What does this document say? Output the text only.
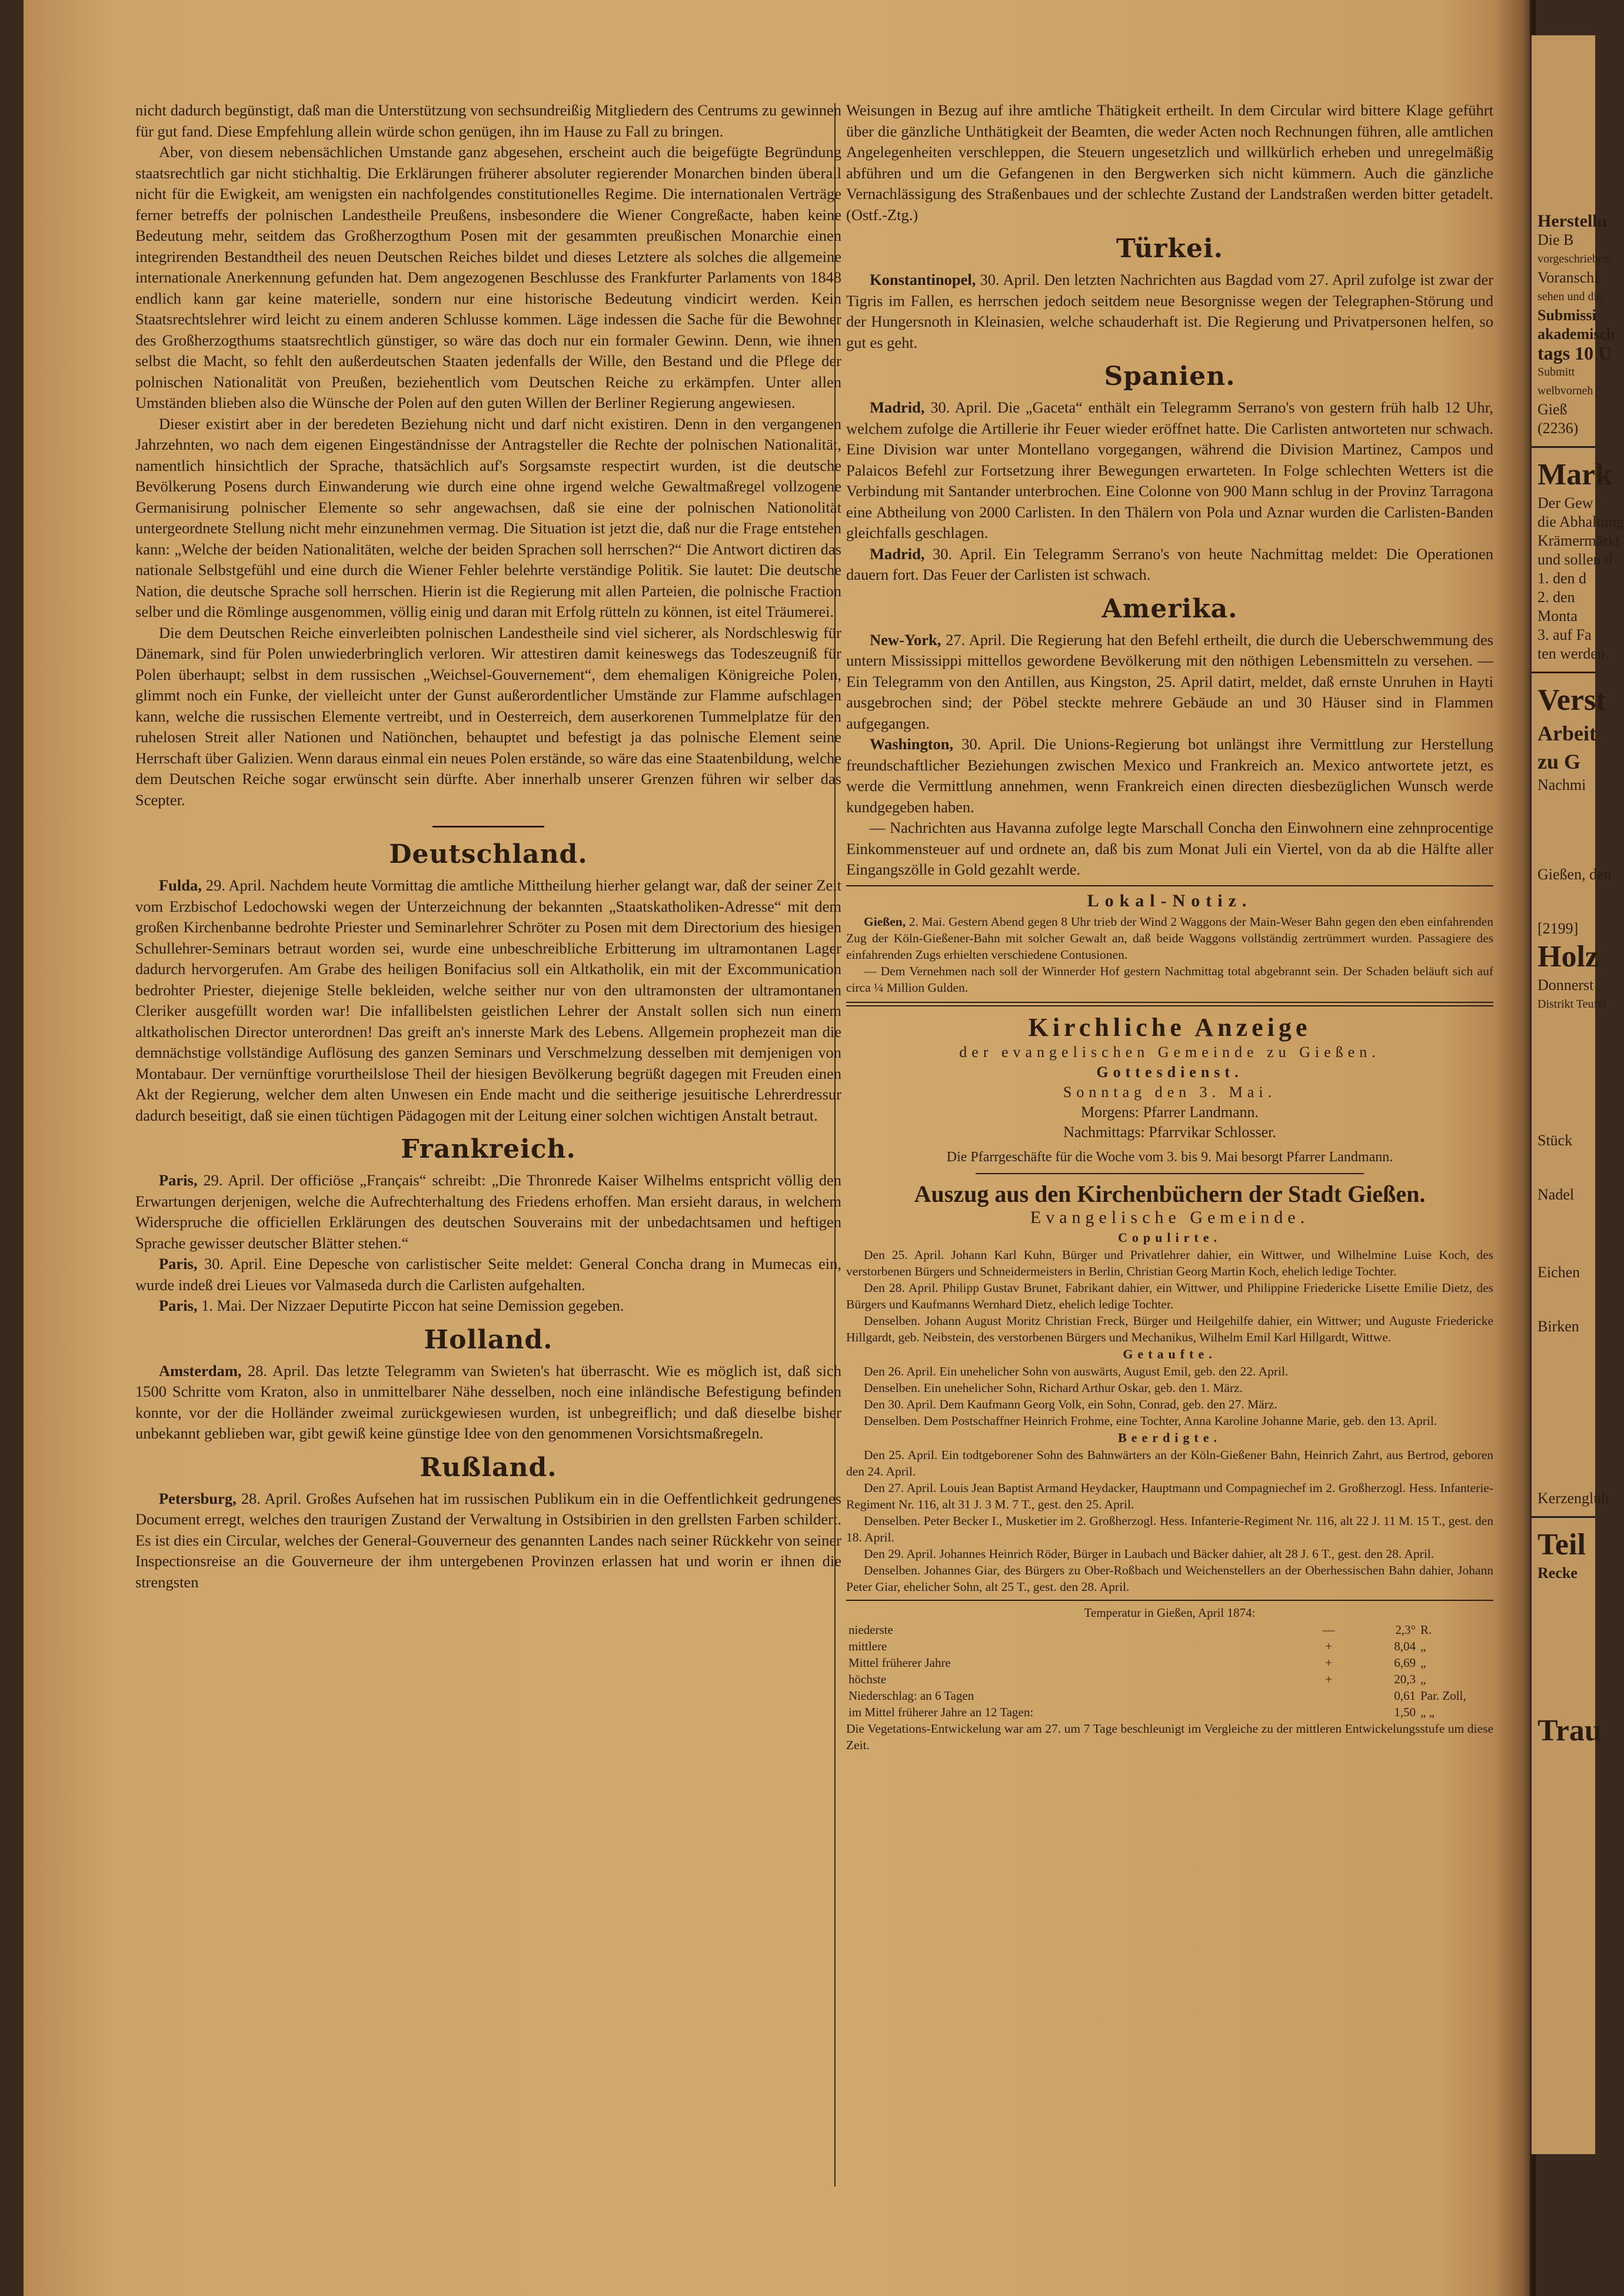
nicht dadurch begünstigt, daß man die Unterstützung von sechsundreißig Mitgliedern des Centrums zu gewinnen für gut fand. Diese Empfehlung allein würde schon genügen, ihn im Hause zu Fall zu bringen.

Aber, von diesem nebensächlichen Umstande ganz abgesehen, erscheint auch die beigefügte Begründung staatsrechtlich gar nicht stichhaltig. Die Erklärungen früherer absoluter regierender Monarchen binden überall nicht für die Ewigkeit, am wenigsten ein nachfolgendes constitutionelles Regime. Die internationalen Verträge ferner betreffs der polnischen Landestheile Preußens, insbesondere die Wiener Congreßacte, haben keine Bedeutung mehr, seitdem das Großherzogthum Posen mit der gesammten preußischen Monarchie einen integrirenden Bestandtheil des neuen Deutschen Reiches bildet und dieses Letztere als solches die allgemeine internationale Anerkennung gefunden hat. Dem angezogenen Beschlusse des Frankfurter Parlaments von 1848 endlich kann gar keine materielle, sondern nur eine historische Bedeutung vindicirt werden. Kein Staatsrechtslehrer wird leicht zu einem anderen Schlusse kommen. Läge indessen die Sache für die Bewohner des Großherzogthums staatsrechtlich günstiger, so wäre das doch nur ein formaler Gewinn. Denn, wie ihnen selbst die Macht, so fehlt den außerdeutschen Staaten jedenfalls der Wille, den Bestand und die Pflege der polnischen Nationalität von Preußen, beziehentlich vom Deutschen Reiche zu erkämpfen. Unter allen Umständen blieben also die Wünsche der Polen auf den guten Willen der Berliner Regierung angewiesen.

Dieser existirt aber in der beredeten Beziehung nicht und darf nicht existiren. Denn in den vergangenen Jahrzehnten, wo nach dem eigenen Eingeständnisse der Antragsteller die Rechte der polnischen Nationalität, namentlich hinsichtlich der Sprache, thatsächlich auf's Sorgsamste respectirt wurden, ist die deutsche Bevölkerung Posens durch Einwanderung wie durch eine ohne irgend welche Gewaltmaßregel vollzogene Germanisirung polnischer Elemente so sehr angewachsen, daß sie eine der polnischen Nationolität untergeordnete Stellung nicht mehr einzunehmen vermag. Die Situation ist jetzt die, daß nur die Frage entstehen kann: „Welche der beiden Nationalitäten, welche der beiden Sprachen soll herrschen?“ Die Antwort dictiren das nationale Selbstgefühl und eine durch die Wiener Fehler belehrte verständige Politik. Sie lautet: Die deutsche Nation, die deutsche Sprache soll herrschen. Hierin ist die Regierung mit allen Parteien, die polnische Fraction selber und die Römlinge ausgenommen, völlig einig und daran mit Erfolg rütteln zu können, ist eitel Träumerei.

Die dem Deutschen Reiche einverleibten polnischen Landestheile sind viel sicherer, als Nordschleswig für Dänemark, sind für Polen unwiederbringlich verloren. Wir attestiren damit keineswegs das Todeszeugniß für Polen überhaupt; selbst in dem russischen „Weichsel-Gouvernement“, dem ehemaligen Königreiche Polen, glimmt noch ein Funke, der vielleicht unter der Gunst außerordentlicher Umstände zur Flamme aufschlagen kann, welche die russischen Elemente vertreibt, und in Oesterreich, dem auserkorenen Tummelplatze für den ruhelosen Streit aller Nationen und Natiönchen, behauptet und befestigt ja das polnische Element seine Herrschaft über Galizien. Wenn daraus einmal ein neues Polen erstände, so wäre das eine Staatenbildung, welche dem Deutschen Reiche sogar erwünscht sein dürfte. Aber innerhalb unserer Grenzen führen wir selber das Scepter.

Deutschland.

Fulda, 29. April. Nachdem heute Vormittag die amtliche Mittheilung hierher gelangt war, daß der seiner Zeit vom Erzbischof Ledochowski wegen der Unterzeichnung der bekannten „Staatskatholiken-Adresse“ mit dem großen Kirchenbanne bedrohte Priester und Seminarlehrer Schröter zu Posen mit dem Directorium des hiesigen Schullehrer-Seminars betraut worden sei, wurde eine unbeschreibliche Erbitterung im ultramontanen Lager dadurch hervorgerufen. Am Grabe des heiligen Bonifacius soll ein Altkatholik, ein mit der Excommunication bedrohter Priester, diejenige Stelle bekleiden, welche seither nur von den ultramonsten der ultramontanen Cleriker ausgefüllt worden war! Die infallibelsten geistlichen Lehrer der Anstalt sollen sich nun einem altkatholischen Director unterordnen! Das greift an's innerste Mark des Lebens. Allgemein prophezeit man die demnächstige vollständige Auflösung des ganzen Seminars und Verschmelzung desselben mit demjenigen von Montabaur. Der vernünftige vorurtheilslose Theil der hiesigen Bevölkerung begrüßt dagegen mit Freuden einen Akt der Regierung, welcher dem alten Unwesen ein Ende macht und die seitherige jesuitische Lehrerdressur dadurch beseitigt, daß sie einen tüchtigen Pädagogen mit der Leitung einer solchen wichtigen Anstalt betraut.

Frankreich.

Paris, 29. April. Der officiöse „Français“ schreibt: „Die Thronrede Kaiser Wilhelms entspricht völlig den Erwartungen derjenigen, welche die Aufrechterhaltung des Friedens erhoffen. Man ersieht daraus, in welchem Widerspruche die officiellen Erklärungen des deutschen Souverains mit der unbedachtsamen und heftigen Sprache gewisser deutscher Blätter stehen.“

Paris, 30. April. Eine Depesche von carlistischer Seite meldet: General Concha drang in Mumecas ein, wurde indeß drei Lieues vor Valmaseda durch die Carlisten aufgehalten.

Paris, 1. Mai. Der Nizzaer Deputirte Piccon hat seine Demission gegeben.

Holland.

Amsterdam, 28. April. Das letzte Telegramm van Swieten's hat überrascht. Wie es möglich ist, daß sich 1500 Schritte vom Kraton, also in unmittelbarer Nähe desselben, noch eine inländische Befestigung befinden konnte, vor der die Holländer zweimal zurückgewiesen wurden, ist unbegreiflich; und daß dieselbe bisher unbekannt geblieben war, gibt gewiß keine günstige Idee von den genommenen Vorsichtsmaßregeln.

Rußland.

Petersburg, 28. April. Großes Aufsehen hat im russischen Publikum ein in die Oeffentlichkeit gedrungenes Document erregt, welches den traurigen Zustand der Verwaltung in Ostsibirien in den grellsten Farben schildert. Es ist dies ein Circular, welches der General-Gouverneur des genannten Landes nach seiner Rückkehr von seiner Inspectionsreise an die Gouverneure der ihm untergebenen Provinzen erlassen hat und worin er ihnen die strengsten

Weisungen in Bezug auf ihre amtliche Thätigkeit ertheilt. In dem Circular wird bittere Klage geführt über die gänzliche Unthätigkeit der Beamten, die weder Acten noch Rechnungen führen, alle amtlichen Angelegenheiten verschleppen, die Steuern ungesetzlich und willkürlich erheben und unregelmäßig abführen und um die Gefangenen in den Bergwerken sich nicht kümmern. Auch die gänzliche Vernachlässigung des Straßenbaues und der schlechte Zustand der Landstraßen werden bitter getadelt. (Ostf.-Ztg.)

Türkei.

Konstantinopel, 30. April. Den letzten Nachrichten aus Bagdad vom 27. April zufolge ist zwar der Tigris im Fallen, es herrschen jedoch seitdem neue Besorgnisse wegen der Telegraphen-Störung und der Hungersnoth in Kleinasien, welche schauderhaft ist. Die Regierung und Privatpersonen helfen, so gut es geht.

Spanien.

Madrid, 30. April. Die „Gaceta“ enthält ein Telegramm Serrano's von gestern früh halb 12 Uhr, welchem zufolge die Artillerie ihr Feuer wieder eröffnet hatte. Die Carlisten antworteten nur schwach. Eine Division war unter Montellano vorgegangen, während die Division Martinez, Campos und Palaicos Befehl zur Fortsetzung ihrer Bewegungen erwarteten. In Folge schlechten Wetters ist die Verbindung mit Santander unterbrochen. Eine Colonne von 900 Mann schlug in der Provinz Tarragona eine Abtheilung von 2000 Carlisten. In den Thälern von Pola und Aznar wurden die Carlisten-Banden gleichfalls geschlagen.

Madrid, 30. April. Ein Telegramm Serrano's von heute Nachmittag meldet: Die Operationen dauern fort. Das Feuer der Carlisten ist schwach.

Amerika.

New-York, 27. April. Die Regierung hat den Befehl ertheilt, die durch die Ueberschwemmung des untern Mississippi mittellos gewordene Bevölkerung mit den nöthigen Lebensmitteln zu versehen. — Ein Telegramm von den Antillen, aus Kingston, 25. April datirt, meldet, daß ernste Unruhen in Hayti ausgebrochen sind; der Pöbel steckte mehrere Gebäude an und 30 Häuser sind in Flammen aufgegangen.

Washington, 30. April. Die Unions-Regierung bot unlängst ihre Vermittlung zur Herstellung freundschaftlicher Beziehungen zwischen Mexico und Frankreich an. Mexico antwortete jetzt, es werde die Vermittlung annehmen, wenn Frankreich einen directen diesbezüglichen Wunsch werde kundgegeben haben.

— Nachrichten aus Havanna zufolge legte Marschall Concha den Einwohnern eine zehnprocentige Einkommensteuer auf und ordnete an, daß bis zum Monat Juli ein Viertel, von da ab die Hälfte aller Eingangszölle in Gold gezahlt werde.

Lokal-Notiz.

Gießen, 2. Mai. Gestern Abend gegen 8 Uhr trieb der Wind 2 Waggons der Main-Weser Bahn gegen den eben einfahrenden Zug der Köln-Gießener-Bahn mit solcher Gewalt an, daß beide Waggons vollständig zertrümmert wurden. Passagiere des einfahrenden Zugs erhielten verschiedene Contusionen.

— Dem Vernehmen nach soll der Winnerder Hof gestern Nachmittag total abgebrannt sein. Der Schaden beläuft sich auf circa ¼ Million Gulden.

Kirchliche Anzeige

der evangelischen Gemeinde zu Gießen.

Gottesdienst.

Sonntag den 3. Mai.

Morgens: Pfarrer Landmann.

Nachmittags: Pfarrvikar Schlosser.

Die Pfarrgeschäfte für die Woche vom 3. bis 9. Mai besorgt Pfarrer Landmann.

Auszug aus den Kirchenbüchern der Stadt Gießen.
Evangelische Gemeinde.
Copulirte.

Den 25. April. Johann Karl Kuhn, Bürger und Privatlehrer dahier, ein Wittwer, und Wilhelmine Luise Koch, des verstorbenen Bürgers und Schneidermeisters in Berlin, Christian Georg Martin Koch, ehelich ledige Tochter.

Den 28. April. Philipp Gustav Brunet, Fabrikant dahier, ein Wittwer, und Philippine Friedericke Lisette Emilie Dietz, des Bürgers und Kaufmanns Wernhard Dietz, ehelich ledige Tochter.

Denselben. Johann August Moritz Christian Freck, Bürger und Heilgehilfe dahier, ein Wittwer; und Auguste Friedericke Hillgardt, geb. Neibstein, des verstorbenen Bürgers und Mechanikus, Wilhelm Emil Karl Hillgardt, Wittwe.

Getaufte.

Den 26. April. Ein unehelicher Sohn von auswärts, August Emil, geb. den 22. April.

Denselben. Ein unehelicher Sohn, Richard Arthur Oskar, geb. den 1. März.

Den 30. April. Dem Kaufmann Georg Volk, ein Sohn, Conrad, geb. den 27. März.

Denselben. Dem Postschaffner Heinrich Frohme, eine Tochter, Anna Karoline Johanne Marie, geb. den 13. April.

Beerdigte.

Den 25. April. Ein todtgeborener Sohn des Bahnwärters an der Köln-Gießener Bahn, Heinrich Zahrt, aus Bertrod, geboren den 24. April.

Den 27. April. Louis Jean Baptist Armand Heydacker, Hauptmann und Compagniechef im 2. Großherzogl. Hess. Infanterie-Regiment Nr. 116, alt 31 J. 3 M. 7 T., gest. den 25. April.

Denselben. Peter Becker I., Musketier im 2. Großherzogl. Hess. Infanterie-Regiment Nr. 116, alt 22 J. 11 M. 15 T., gest. den 18. April.

Den 29. April. Johannes Heinrich Röder, Bürger in Laubach und Bäcker dahier, alt 28 J. 6 T., gest. den 28. April.

Denselben. Johannes Giar, des Bürgers zu Ober-Roßbach und Weichenstellers an der Oberhessischen Bahn dahier, Johann Peter Giar, ehelicher Sohn, alt 25 T., gest. den 28. April.

Temperatur in Gießen, April 1874:
niederste	—	2,3°	R.
mittlere	+	8,04	„
Mittel früherer Jahre	+	6,69	„
höchste	+	20,3	„
Niederschlag: an 6 Tagen		0,61	Par. Zoll,
im Mittel früherer Jahre an 12 Tagen:		1,50	„ „

Die Vegetations-Entwickelung war am 27. um 7 Tage beschleunigt im Vergleiche zu der mittleren Entwickelungsstufe um diese Zeit.

Herstellu
Die B
vorgeschrieben,
Voranschl
sehen und die
Submissi
akademisch
tags 10 U
Submitt
welbvorneh
Gieß
(2236)
Mark
Der Gew
die Abhaltung
Krämermärkt
und sollen d
1. den d
2. den
Monta
3. auf Fa
ten werden.
Verst
Arbeit
zu G
Nachmi
Gießen, den
[2199]
Holz
Donnerst
Distrikt Teufel
Stück
Nadel
Eichen
Birken
Kerzenglüh
Teil
Recke
Trau
